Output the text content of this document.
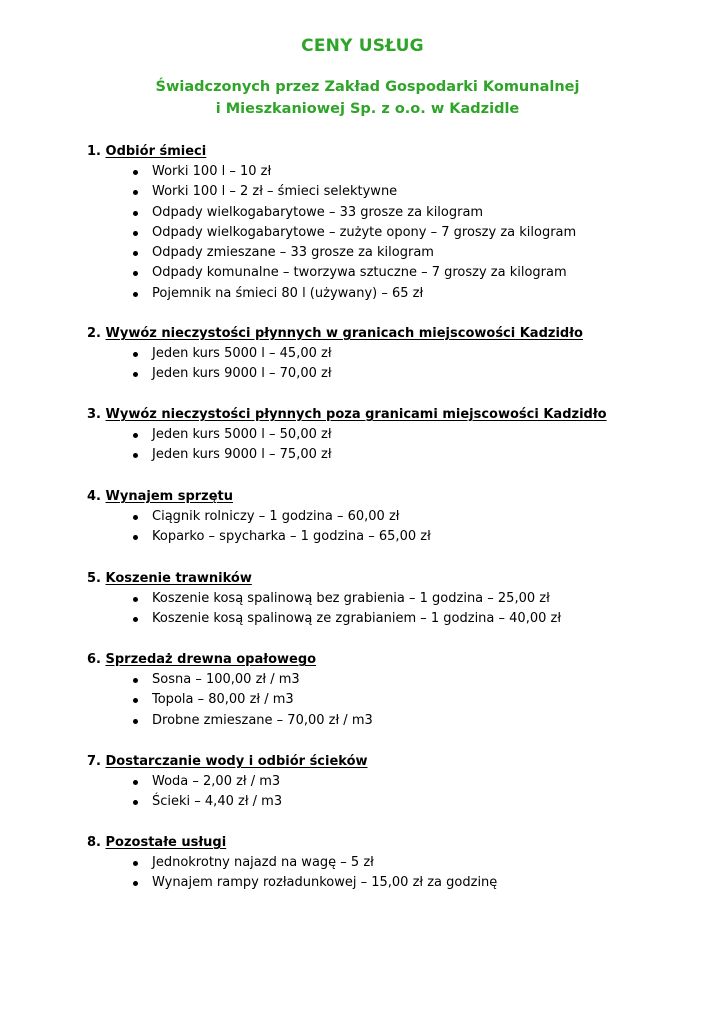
CENY USŁUG
Świadczonych przez Zakład Gospodarki Komunalnej
i Mieszkaniowej Sp. z o.o. w Kadzidle
1. Odbiór śmieci
Worki 100 l – 10 zł
Worki 100 l – 2 zł – śmieci selektywne
Odpady wielkogabarytowe – 33 grosze za kilogram
Odpady wielkogabarytowe – zużyte opony – 7 groszy za kilogram
Odpady zmieszane – 33 grosze za kilogram
Odpady komunalne – tworzywa sztuczne – 7 groszy za kilogram
Pojemnik na śmieci 80 l (używany) – 65 zł
2. Wywóz nieczystości płynnych w granicach miejscowości Kadzidło
Jeden kurs 5000 l – 45,00 zł
Jeden kurs 9000 l – 70,00 zł
3. Wywóz nieczystości płynnych poza granicami miejscowości Kadzidło
Jeden kurs 5000 l – 50,00 zł
Jeden kurs 9000 l – 75,00 zł
4. Wynajem sprzętu
Ciągnik rolniczy – 1 godzina – 60,00 zł
Koparko – spycharka – 1 godzina – 65,00 zł
5. Koszenie trawników
Koszenie kosą spalinową bez grabienia – 1 godzina – 25,00 zł
Koszenie kosą spalinową ze zgrabianiem – 1 godzina – 40,00 zł
6. Sprzedaż drewna opałowego
Sosna – 100,00 zł / m3
Topola – 80,00 zł / m3
Drobne zmieszane – 70,00 zł / m3
7. Dostarczanie wody i odbiór ścieków
Woda – 2,00 zł / m3
Ścieki – 4,40 zł / m3
8. Pozostałe usługi
Jednokrotny najazd na wagę – 5 zł
Wynajem rampy rozładunkowej – 15,00 zł za godzinę
